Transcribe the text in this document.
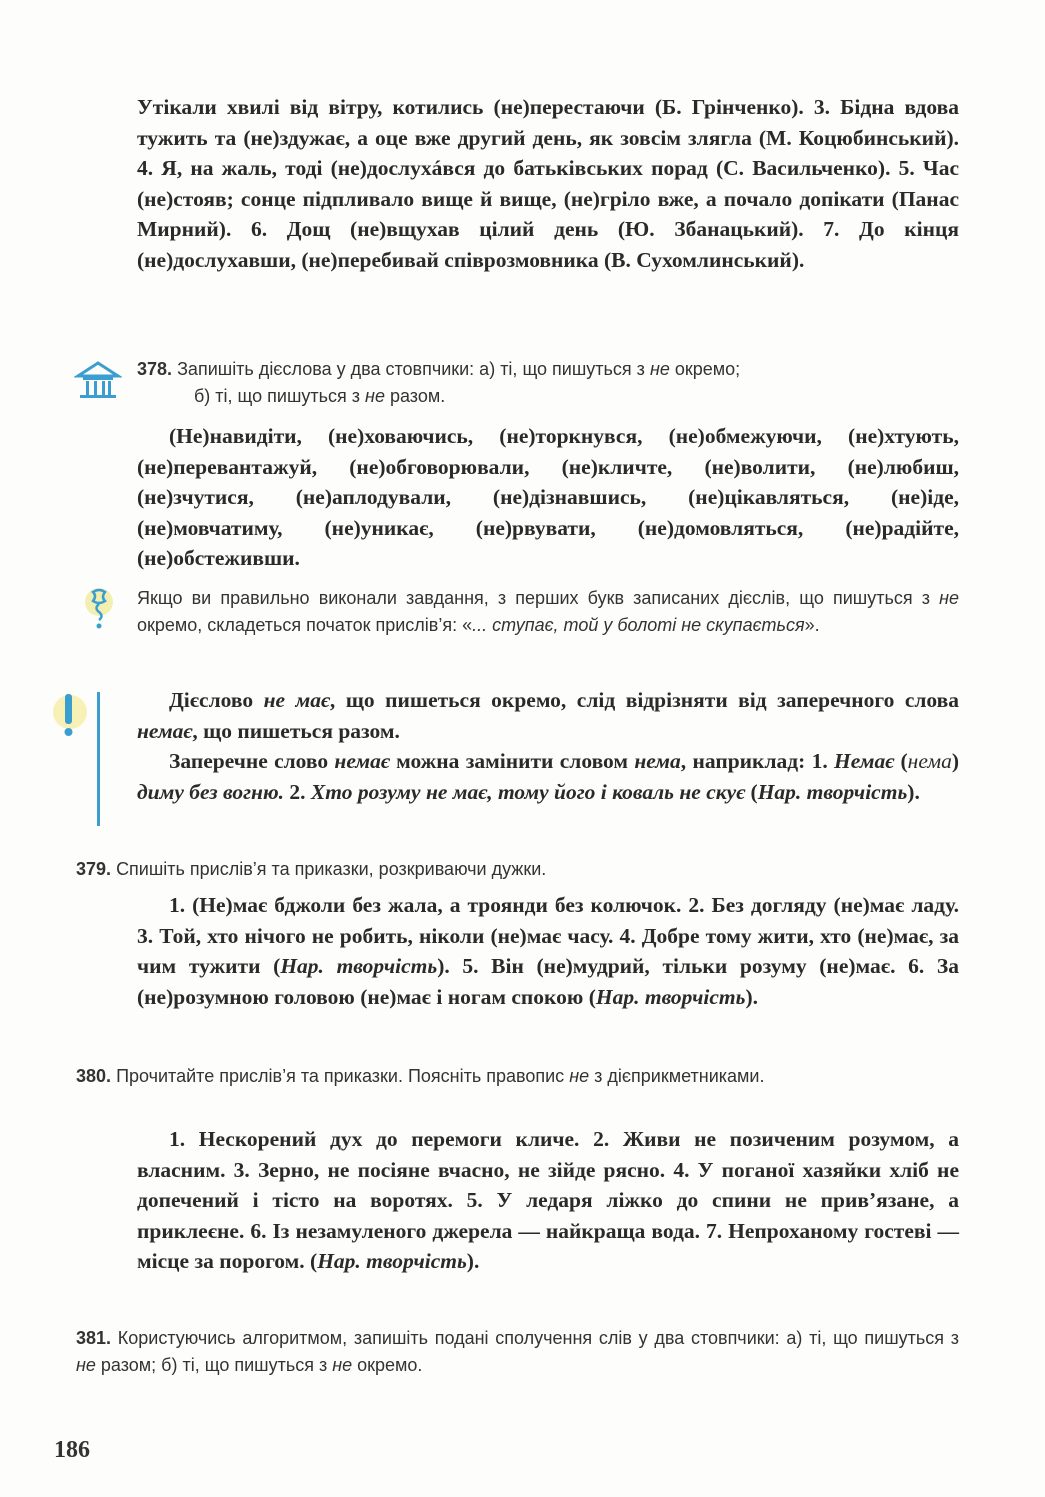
Утікали хвилі від вітру, котились (не)перестаючи (Б. Грінченко). 3. Бідна вдова тужить та (не)здужає, а оце вже другий день, як зовсім злягла (М. Коцюбинський). 4. Я, на жаль, тоді (не)дослухáвся до батьківських порад (С. Васильченко). 5. Час (не)стояв; сонце підпливало вище й вище, (не)гріло вже, а почало допікати (Панас Мирний). 6. Дощ (не)вщухав цілий день (Ю. Збанацький). 7. До кінця (не)дослухавши, (не)перебивай співрозмовника (В. Сухомлинський).

378. Запишіть дієслова у два стовпчики: а) ті, що пишуться з не окремо;

б) ті, що пишуться з не разом.

(Не)навидіти, (не)ховаючись, (не)торкнувся, (не)обмежуючи, (не)хтують, (не)перевантажуй, (не)обговорювали, (не)кличте, (не)волити, (не)любиш, (не)зчутися, (не)аплодували, (не)дізнавшись, (не)цікавляться, (не)іде, (не)мовчатиму, (не)уникає, (не)рвувати, (не)домовляться, (не)радійте, (не)обстеживши.

Якщо ви правильно виконали завдання, з перших букв записаних дієслів, що пишуться з не окремо, складеться початок прислів’я: «... ступає, той у болоті не скупається».

Дієслово не має, що пишеться окремо, слід відрізняти від заперечного слова немає, що пишеться разом.

Заперечне слово немає можна замінити словом нема, наприклад: 1. Немає (нема) диму без вогню. 2. Хто розуму не має, тому його і коваль не скує (Нар. творчість).

379. Спишіть прислів’я та приказки, розкриваючи дужки.

1. (Не)має бджоли без жала, а троянди без колючок. 2. Без догляду (не)має ладу. 3. Той, хто нічого не робить, ніколи (не)має часу. 4. Добре тому жити, хто (не)має, за чим тужити (Нар. творчість). 5. Він (не)мудрий, тільки розуму (не)має. 6. За (не)розумною головою (не)має і ногам спокою (Нар. творчість).

380. Прочитайте прислів’я та приказки. Поясніть правопис не з дієприкметниками.

1. Нескорений дух до перемоги кличе. 2. Живи не позиченим розумом, а власним. 3. Зерно, не посіяне вчасно, не зійде рясно. 4. У поганої хазяйки хліб не допечений і тісто на воротях. 5. У ледаря ліжко до спини не прив’язане, а приклеєне. 6. Із незамуленого джерела — найкраща вода. 7. Непроханому гостеві — місце за порогом. (Нар. творчість).

381. Користуючись алгоритмом, запишіть подані сполучення слів у два стовпчики: а) ті, що пишуться з не разом; б) ті, що пишуться з не окремо.

186
